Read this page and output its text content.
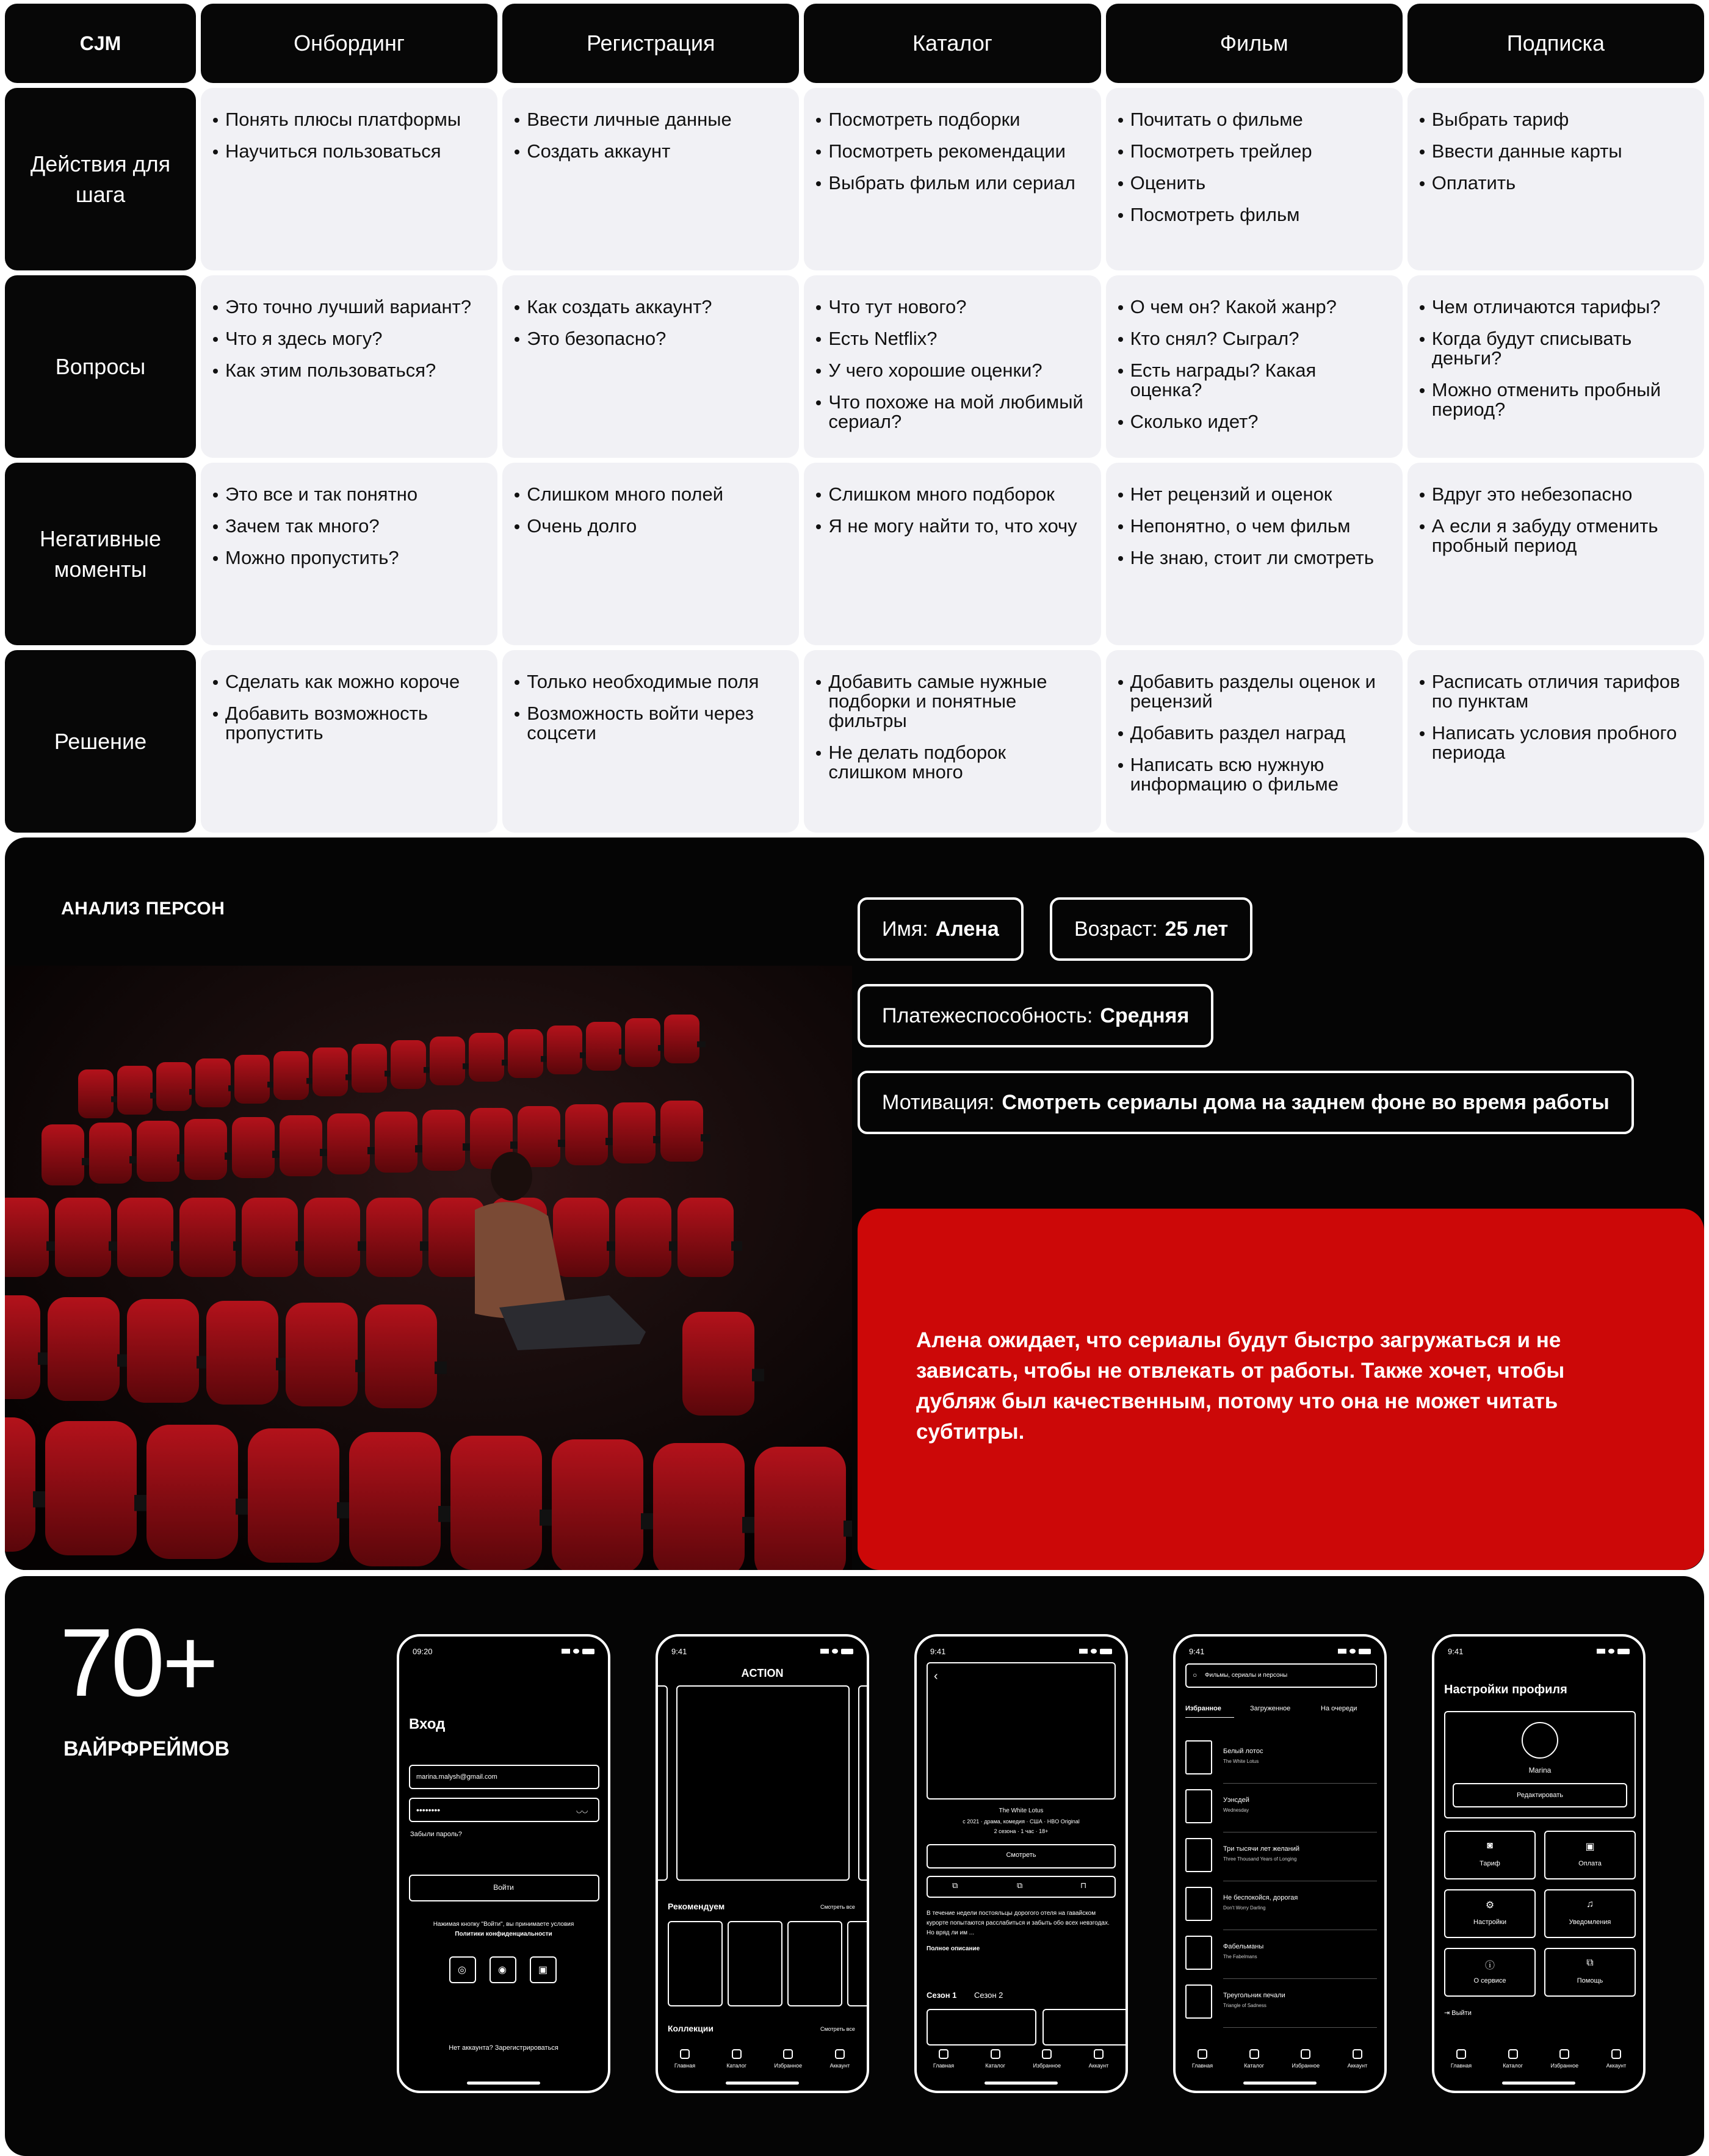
CJM	Онбординг	Регистрация	Каталог	Фильм	Подписка
Действия для шага
Понять плюсы платформы
Научиться пользоваться
Ввести личные данные
Создать аккаунт
Посмотреть подборки
Посмотреть рекомендации
Выбрать фильм или сериал
Почитать о фильме
Посмотреть трейлер
Оценить
Посмотреть фильм
Выбрать тариф
Ввести данные карты
Оплатить
Вопросы
Это точно лучший вариант?
Что я здесь могу?
Как этим пользоваться?
Как создать аккаунт?
Это безопасно?
Что тут нового?
Есть Netflix?
У чего хорошие оценки?
Что похоже на мой любимый сериал?
О чем он? Какой жанр?
Кто снял? Сыграл?
Есть награды? Какая оценка?
Сколько идет?
Чем отличаются тарифы?
Когда будут списывать деньги?
Можно отменить пробный период?
Негативные моменты
Это все и так понятно
Зачем так много?
Можно пропустить?
Слишком много полей
Очень долго
Слишком много подборок
Я не могу найти то, что хочу
Нет рецензий и оценок
Непонятно, о чем фильм
Не знаю, стоит ли смотреть
Вдруг это небезопасно
А если я забуду отменить пробный период
Решение
Сделать как можно короче
Добавить возможность пропустить
Только необходимые поля
Возможность войти через соцсети
Добавить самые нужные подборки и понятные фильтры
Не делать подборок слишком много
Добавить разделы оценок и рецензий
Добавить раздел наград
Написать всю нужную информацию о фильме
Расписать отличия тарифов по пунктам
Написать условия пробного периода
АНАЛИЗ ПЕРСОН
Имя: Алена	Возраст: 25 лет
Платежеспособность: Средняя
Мотивация: Смотреть сериалы дома на заднем фоне во время работы

Алена ожидает, что сериалы будут быстро загружаться и не зависать, чтобы не отвлекать от работы. Также хочет, чтобы дубляж был качественным, потому что она не может читать субтитры.

70+
ВАЙРФРЕЙМОВ
09:20
Вход
marina.malysh@gmail.com
••••••••	◡◡
Забыли пароль?
Войти
Нажимая кнопку "Войти", вы принимаете условия
Политики конфиденциальности
◎	◉	▣
Нет аккаунта? Зарегистрироваться
9:41
ACTION
Рекомендуем	Смотреть все
Коллекции	Смотреть все
Главная	Каталог	Избранное	Аккаунт
9:41
‹
The White Lotus
с 2021 · драма, комедия · США · HBO Original
2 сезона · 1 час · 18+
Смотреть
⧉	⧉	⊓
В течение недели постояльцы дорогого отеля на гавайском курорте попытаются расслабиться и забыть обо всех невзгодах. Но вряд ли им ...
Полное описание
Сезон 1 Сезон 2
Главная	Каталог	Избранное	Аккаунт
9:41
○ Фильмы, сериалы и персоны
Избранное	Загруженное	На очереди
Белый лотос
The White Lotus
Уэнсдей
Wednesday
Три тысячи лет желаний
Three Thousand Years of Longing
Не беспокойся, дорогая
Don't Worry Darling
Фабельманы
The Fabelmans
Треугольник печали
Triangle of Sadness
Главная	Каталог	Избранное	Аккаунт
9:41
Настройки профиля
Marina
Редактировать
◙
Тариф
▣
Оплата
⚙
Настройки
♫
Уведомления
ⓘ
О сервисе
⧉
Помощь
⇥ Выйти
Главная	Каталог	Избранное	Аккаунт
